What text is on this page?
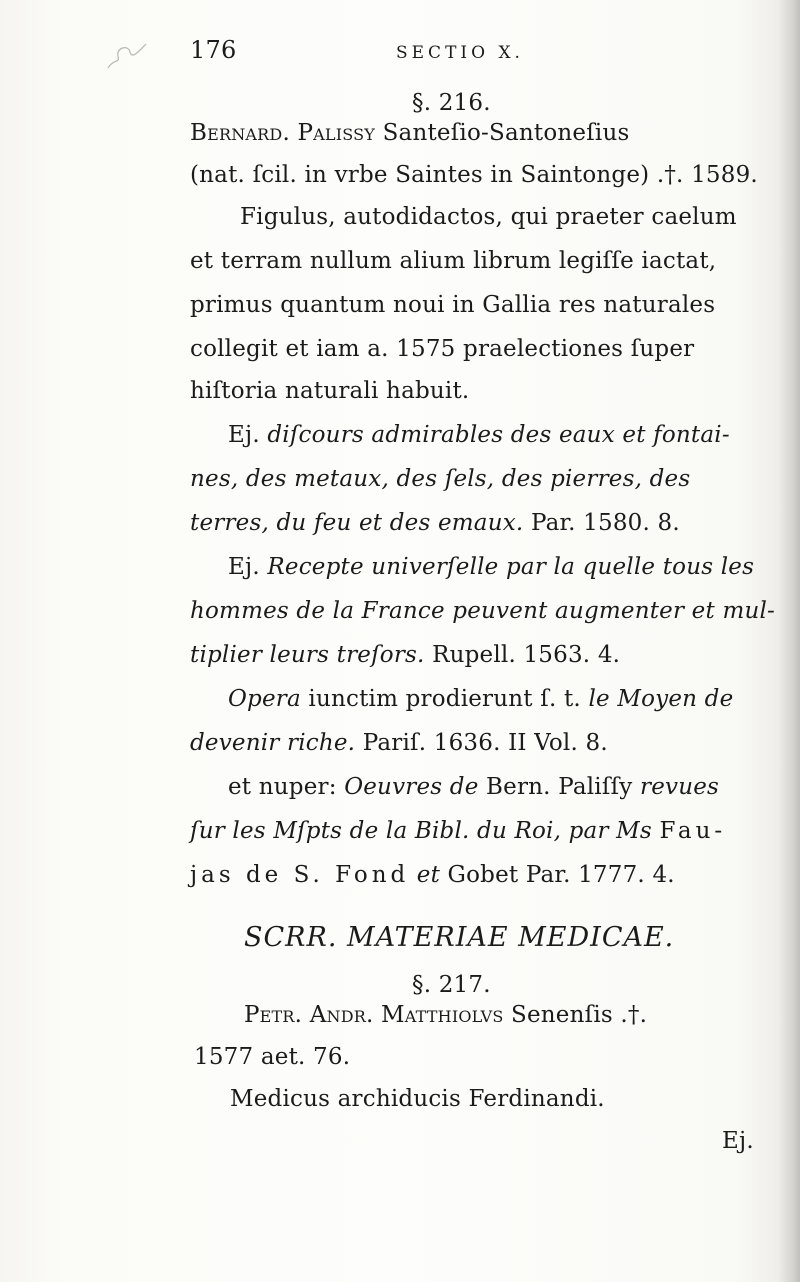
176	SECTIO X.
§. 216.
Bernard. Palissy Santeſio-Santoneſius
(nat. ſcil. in vrbe Saintes in Saintonge) .†. 1589.
Figulus, autodidactos, qui praeter caelum
et terram nullum alium librum legiſſe iactat,
primus quantum noui in Gallia res naturales
collegit et iam a. 1575 praelectiones ſuper
hiſtoria naturali habuit.
Ej. diſcours admirables des eaux et fontai-
nes, des metaux, des ſels, des pierres, des
terres, du feu et des emaux. Par. 1580. 8.
Ej. Recepte univerſelle par la quelle tous les
hommes de la France peuvent augmenter et mul-
tiplier leurs treſors. Rupell. 1563. 4.
Opera iunctim prodierunt ſ. t. le Moyen de
devenir riche. Pariſ. 1636. II Vol. 8.
et nuper: Oeuvres de Bern. Paliſſy revues
ſur les Mſpts de la Bibl. du Roi, par Ms Fau-
jas de S. Fond et Gobet Par. 1777. 4.
SCRR. MATERIAE MEDICAE.
§. 217.
Petr. Andr. Matthiolvs Senenſis .†.
1577 aet. 76.
Medicus archiducis Ferdinandi.
Ej.
